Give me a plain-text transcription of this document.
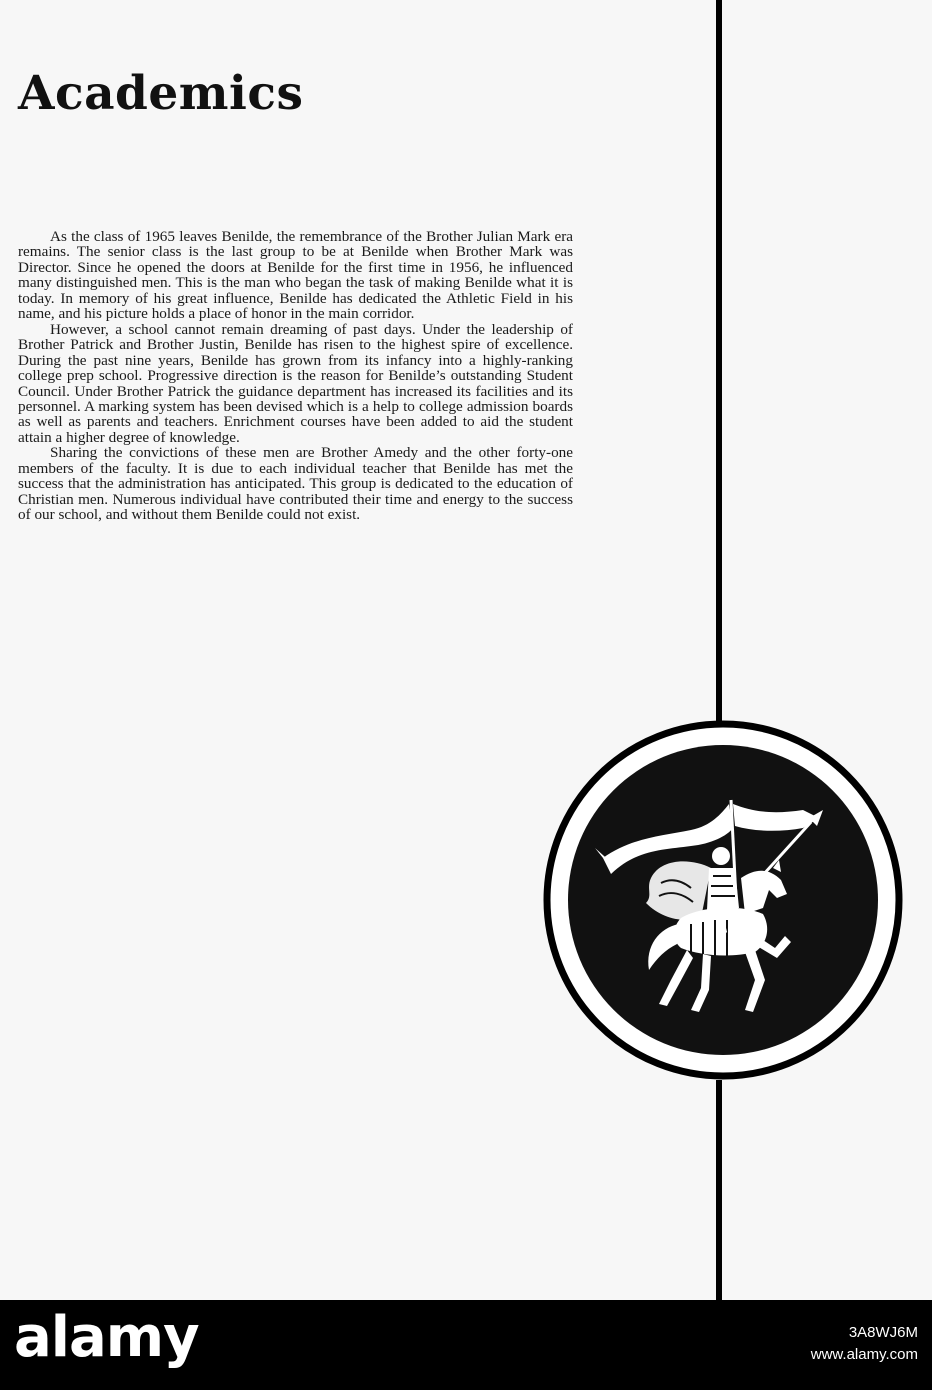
Academics

As the class of 1965 leaves Benilde, the remembrance of the Brother Julian Mark era remains. The senior class is the last group to be at Benilde when Brother Mark was Director. Since he opened the doors at Benilde for the first time in 1956, he influenced many distinguished men. This is the man who began the task of making Benilde what it is today. In memory of his great influence, Benilde has dedicated the Athletic Field in his name, and his picture holds a place of honor in the main corridor.

However, a school cannot remain dreaming of past days. Under the leadership of Brother Patrick and Brother Justin, Benilde has risen to the highest spire of excellence. During the past nine years, Benilde has grown from its infancy into a highly-ranking college prep school. Progressive direction is the reason for Benilde’s outstanding Student Council. Under Brother Patrick the guidance department has increased its facilities and its personnel. A marking system has been devised which is a help to college admission boards as well as parents and teachers. Enrichment courses have been added to aid the student attain a higher degree of knowledge.

Sharing the convictions of these men are Brother Amedy and the other forty-one members of the faculty. It is due to each individual teacher that Benilde has met the success that the administration has anticipated. This group is dedicated to the education of Christian men. Numerous individual have contributed their time and energy to the success of our school, and without them Benilde could not exist.

alamy	3A8WJ6M
www.alamy.com
